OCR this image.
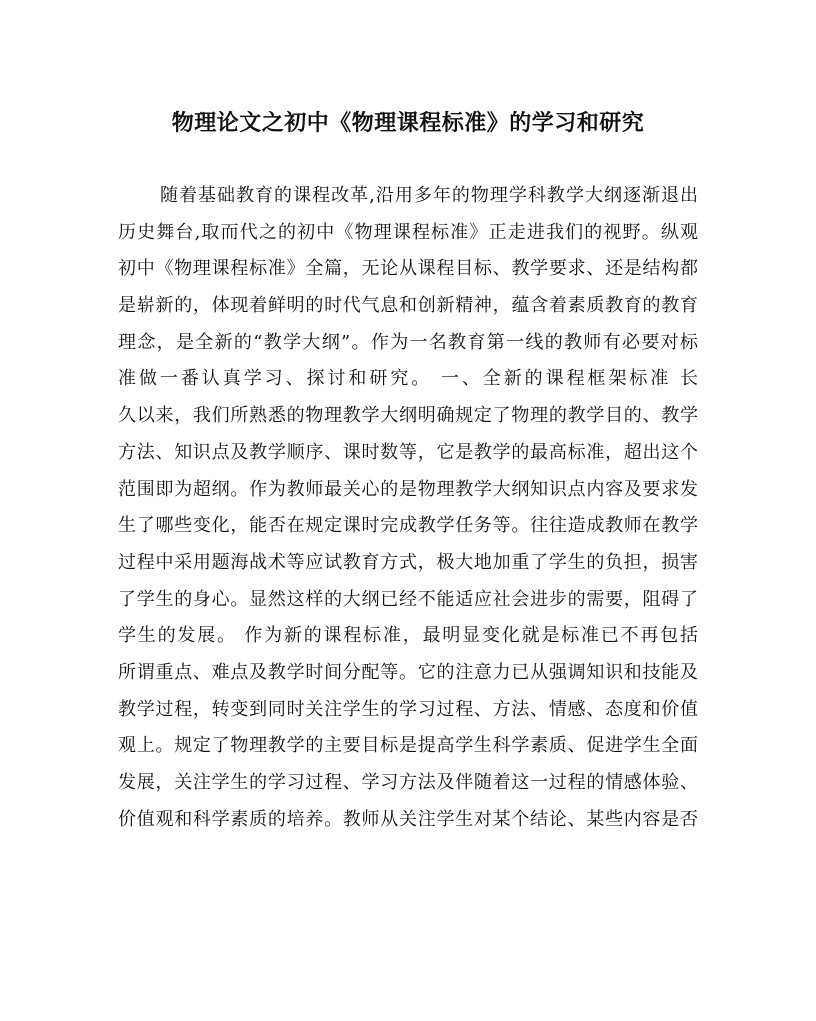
物理论文之初中《物理课程标准》的学习和研究
随着基础教育的课程改革,沿用多年的物理学科教学大纲逐渐退出
历史舞台,取而代之的初中《物理课程标准》正走进我们的视野。纵观
初中《物理课程标准》全篇，无论从课程目标、教学要求、还是结构都
是崭新的，体现着鲜明的时代气息和创新精神，蕴含着素质教育的教育
理念，是全新的“教学大纲”。作为一名教育第一线的教师有必要对标
准做一番认真学习、探讨和研究。 一、全新的课程框架标准 长
久以来，我们所熟悉的物理教学大纲明确规定了物理的教学目的、教学
方法、知识点及教学顺序、课时数等，它是教学的最高标准，超出这个
范围即为超纲。作为教师最关心的是物理教学大纲知识点内容及要求发
生了哪些变化，能否在规定课时完成教学任务等。往往造成教师在教学
过程中采用题海战术等应试教育方式，极大地加重了学生的负担，损害
了学生的身心。显然这样的大纲已经不能适应社会进步的需要，阻碍了
学生的发展。 作为新的课程标准，最明显变化就是标准已不再包括
所谓重点、难点及教学时间分配等。它的注意力已从强调知识和技能及
教学过程，转变到同时关注学生的学习过程、方法、情感、态度和价值
观上。规定了物理教学的主要目标是提高学生科学素质、促进学生全面
发展，关注学生的学习过程、学习方法及伴随着这一过程的情感体验、
价值观和科学素质的培养。教师从关注学生对某个结论、某些内容是否
